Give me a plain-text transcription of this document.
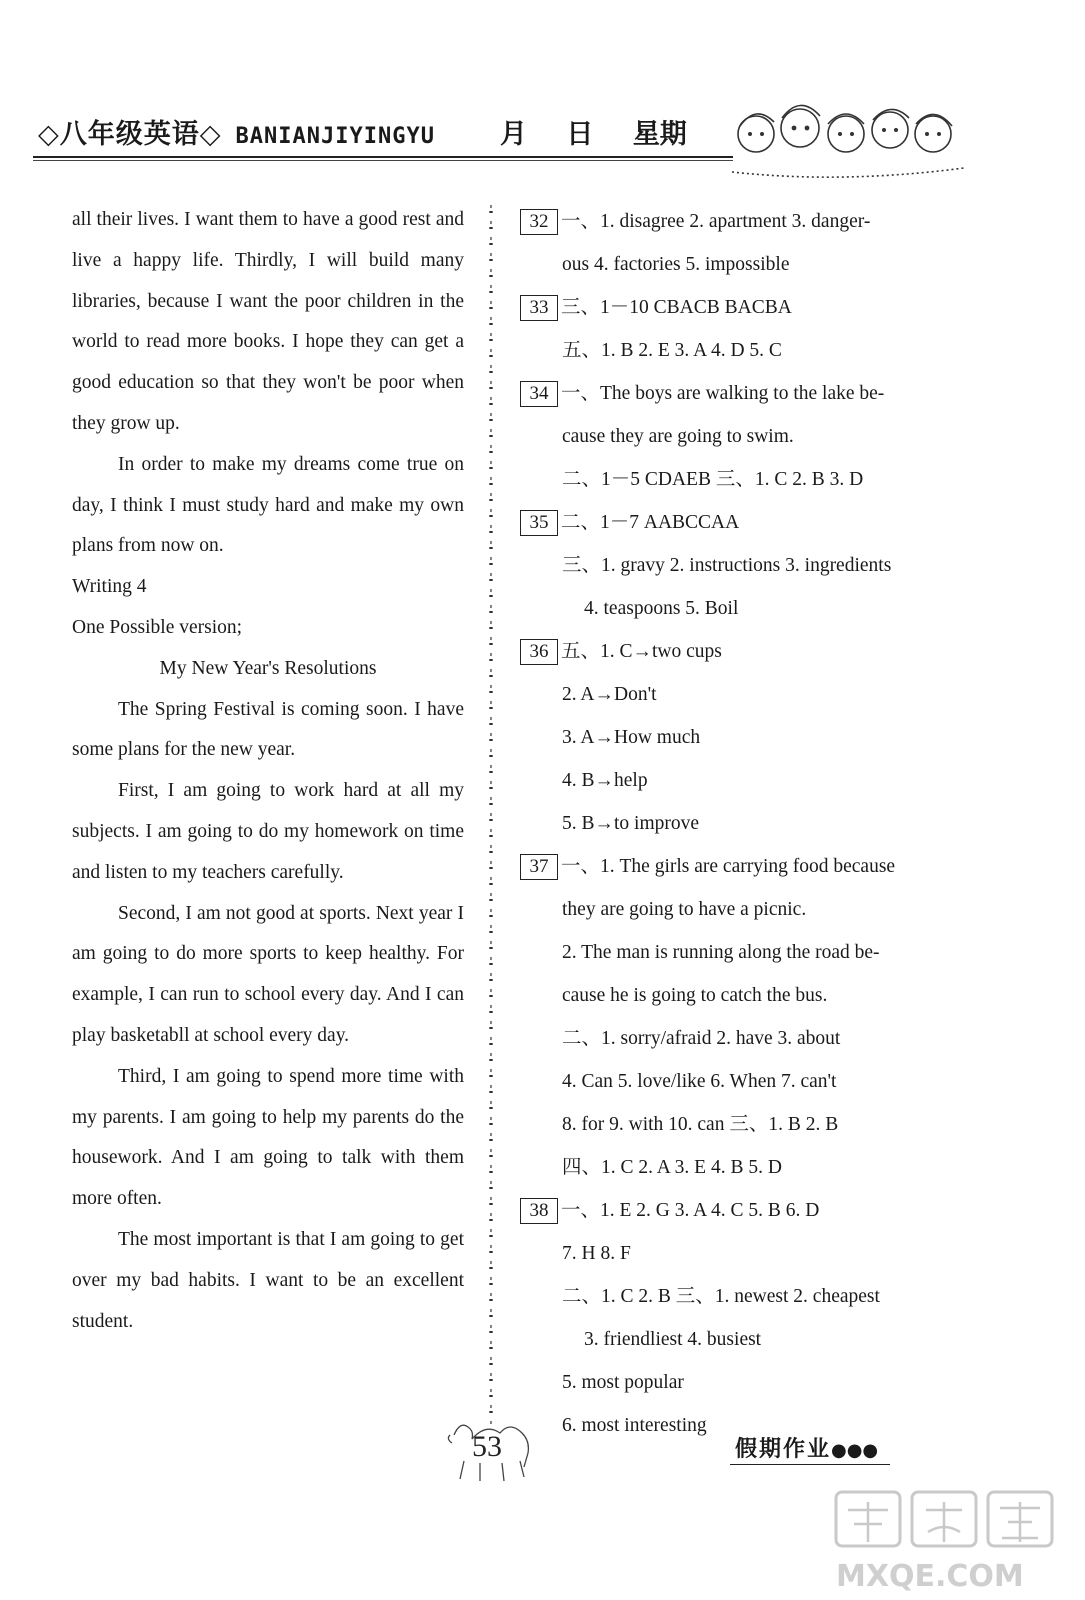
◇八年级英语◇ BANIANJIYINGYU 月 日 星期

all their lives. I want them to have a good rest and live a happy life. Thirdly, I will build many libraries, because I want the poor children in the world to read more books. I hope they can get a good education so that they won't be poor when they grow up.

In order to make my dreams come true on day, I think I must study hard and make my own plans from now on.

Writing 4

One Possible version;

My New Year's Resolutions

The Spring Festival is coming soon. I have some plans for the new year.

First, I am going to work hard at all my subjects. I am going to do my homework on time and listen to my teachers carefully.

Second, I am not good at sports. Next year I am going to do more sports to keep healthy. For example, I can run to school every day. And I can play basketabll at school every day.

Third, I am going to spend more time with my parents. I am going to help my parents do the housework. And I am going to talk with them more often.

The most important is that I am going to get over my bad habits. I want to be an excellent student.

32 一、1. disagree 2. apartment 3. danger-

ous 4. factories 5. impossible

33 三、1－10 CBACB BACBA

五、1. B 2. E 3. A 4. D 5. C

34 一、The boys are walking to the lake be-

cause they are going to swim.

二、1－5 CDAEB 三、1. C 2. B 3. D

35 二、1－7 AABCCAA

三、1. gravy 2. instructions 3. ingredients

4. teaspoons 5. Boil

36 五、1. C→two cups

2. A→Don't

3. A→How much

4. B→help

5. B→to improve

37 一、1. The girls are carrying food because

they are going to have a picnic.

2. The man is running along the road be-

cause he is going to catch the bus.

二、1. sorry/afraid 2. have 3. about

4. Can 5. love/like 6. When 7. can't

8. for 9. with 10. can 三、1. B 2. B

四、1. C 2. A 3. E 4. B 5. D

38 一、1. E 2. G 3. A 4. C 5. B 6. D

7. H 8. F

二、1. C 2. B 三、1. newest 2. cheapest

3. friendliest 4. busiest

5. most popular

6. most interesting

53	假期作业●●●
MXQE.COM
